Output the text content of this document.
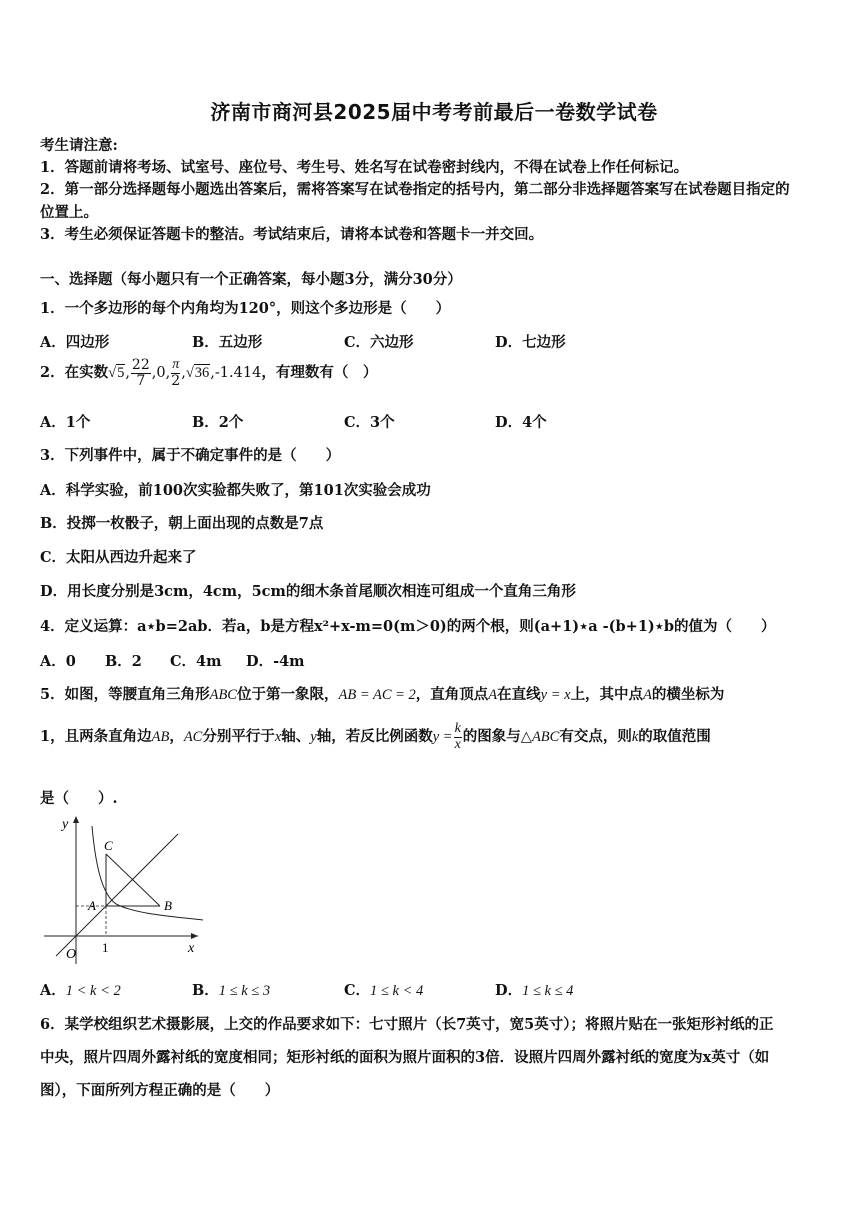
济南市商河县2025届中考考前最后一卷数学试卷
考生请注意:
1．答题前请将考场、试室号、座位号、考生号、姓名写在试卷密封线内，不得在试卷上作任何标记。
2．第一部分选择题每小题选出答案后，需将答案写在试卷指定的括号内，第二部分非选择题答案写在试卷题目指定的
位置上。
3．考生必须保证答题卡的整洁。考试结束后，请将本试卷和答题卡一并交回。
一、选择题（每小题只有一个正确答案，每小题3分，满分30分）
1．一个多边形的每个内角均为120°，则这个多边形是（　　）
A．四边形	B．五边形	C．六边形	D．七边形
2．在实数√5, $\frac{22}{7} ,0$, $\frac{\pi}{2} ,√36,-1.414$，有理数有（　）
A．1个	B．2个	C．3个	D．4个
3．下列事件中，属于不确定事件的是（　　）
A．科学实验，前100次实验都失败了，第101次实验会成功
B．投掷一枚骰子，朝上面出现的点数是7点
C．太阳从西边升起来了
D．用长度分别是3cm，4cm，5cm的细木条首尾顺次相连可组成一个直角三角形
4．定义运算：a⋆b=2ab．若a，b是方程x²+x-m=0(m＞0)的两个根，则(a+1)⋆a -(b+1)⋆b的值为（　　）
A．0 B．2 C．4m D．-4m
5．如图，等腰直角三角形ABC位于第一象限，AB = AC = 2，直角顶点A在直线y = x上，其中点A的横坐标为
1，且两条直角边AB，AC分别平行于x轴、y轴，若反比例函数$y = \frac{k}{x}$ 的图象与△ABC有交点，则k的取值范围
是（　　）.
y
x
O
C
A	B
1
A．1 < k < 2	B．1 ≤ k ≤ 3	C．1 ≤ k < 4	D．1 ≤ k ≤ 4
6．某学校组织艺术摄影展，上交的作品要求如下：七寸照片（长7英寸，宽5英寸）；将照片贴在一张矩形衬纸的正
中央，照片四周外露衬纸的宽度相同；矩形衬纸的面积为照片面积的3倍．设照片四周外露衬纸的宽度为x英寸（如
图），下面所列方程正确的是（　　）
